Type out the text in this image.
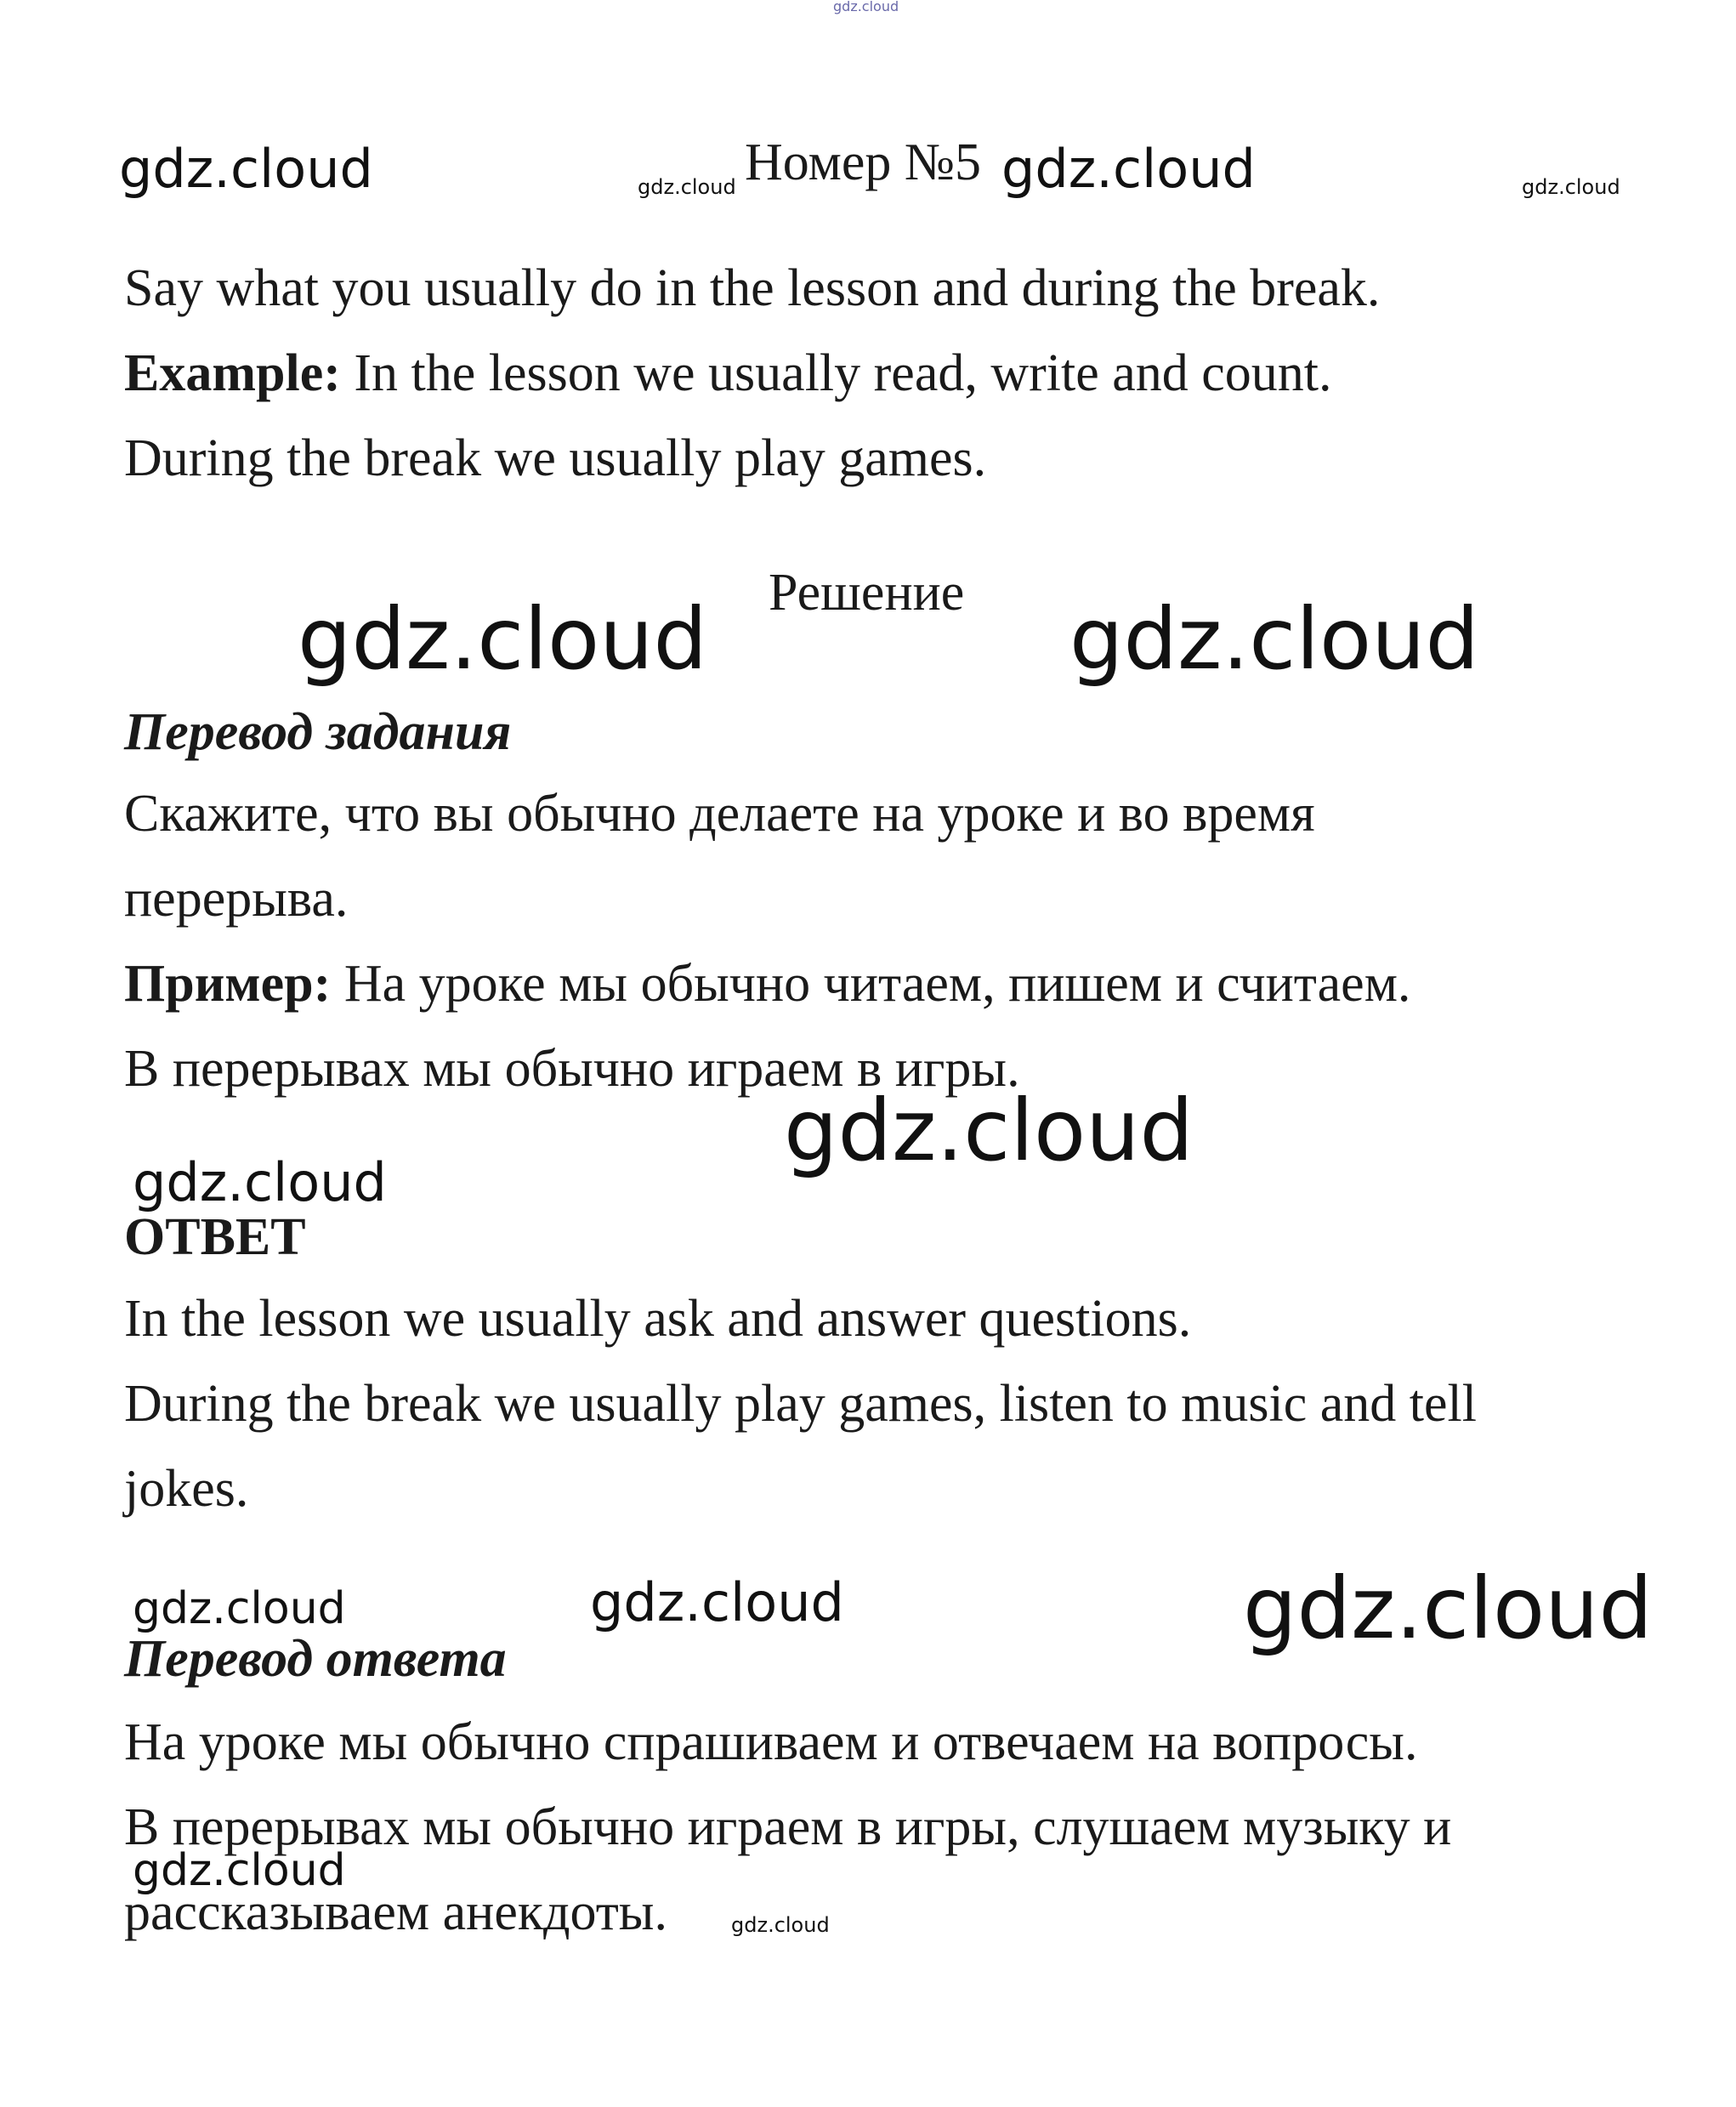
gdz.cloud
gdz.cloud	gdz.cloud Номер №5 gdz.cloud	gdz.cloud

Say what you usually do in the lesson and during the break.

Example: In the lesson we usually read, write and count.

During the break we usually play games.

Решение
gdz.cloud	gdz.cloud

Перевод задания

Скажите, что вы обычно делаете на уроке и во время

перерыва.

Пример: На уроке мы обычно читаем, пишем и считаем.

В перерывах мы обычно играем в игры.

gdz.cloud
gdz.cloud

ОТВЕТ

In the lesson we usually ask and answer questions.

During the break we usually play games, listen to music and tell

jokes.

gdz.cloud	gdz.cloud	gdz.cloud

Перевод ответа

На уроке мы обычно спрашиваем и отвечаем на вопросы.

В перерывах мы обычно играем в игры, слушаем музыку и

gdz.cloud

рассказываем анекдоты.	gdz.cloud
